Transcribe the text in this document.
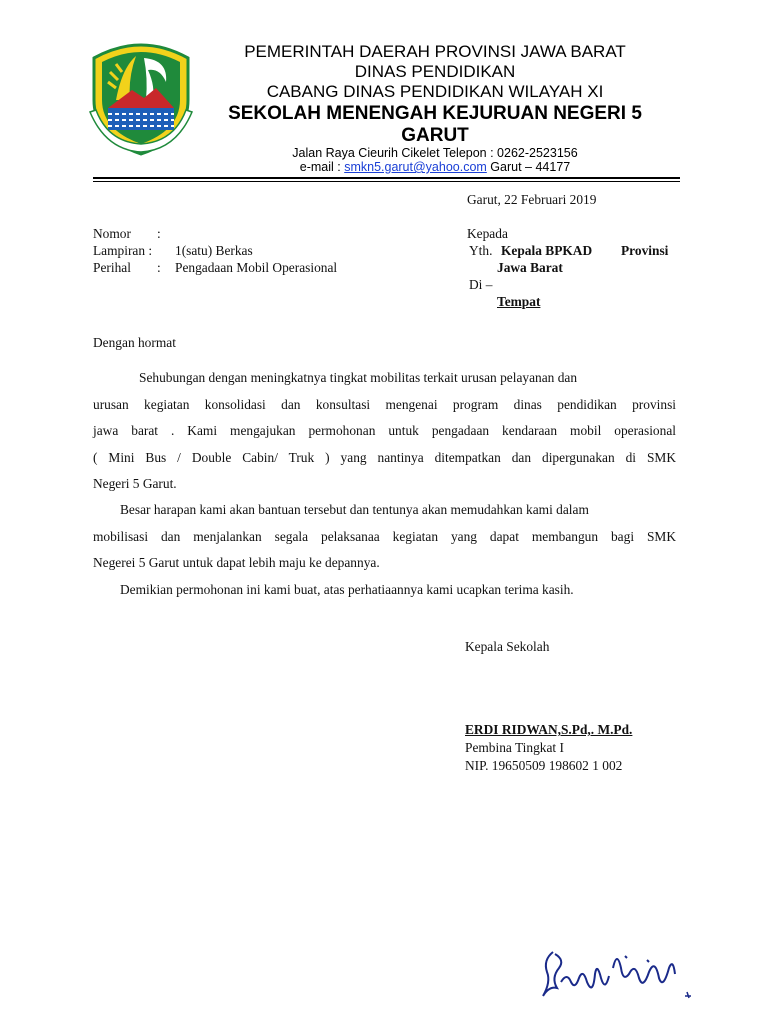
PEMERINTAH DAERAH PROVINSI JAWA BARAT
DINAS PENDIDIKAN
CABANG DINAS PENDIDIKAN WILAYAH XI
SEKOLAH MENENGAH KEJURUAN NEGERI 5
GARUT
Jalan Raya Cieurih Cikelet Telepon : 0262-2523156
e-mail : smkn5.garut@yahoo.com Garut – 44177
Garut, 22 Februari 2019
Nomor :
Lampiran : 1(satu) Berkas
Perihal : Pengadaan Mobil Operasional
Kepada
Yth. Kepala BPKAD Provinsi
Jawa Barat
Di –
Tempat
Dengan hormat
Sehubungan dengan meningkatnya tingkat mobilitas terkait urusan pelayanan dan
urusan kegiatan konsolidasi dan konsultasi mengenai program dinas pendidikan provinsi
jawa barat . Kami mengajukan permohonan untuk pengadaan kendaraan mobil operasional
( Mini Bus / Double Cabin/ Truk ) yang nantinya ditempatkan dan dipergunakan di SMK
Negeri 5 Garut.
Besar harapan kami akan bantuan tersebut dan tentunya akan memudahkan kami dalam
mobilisasi dan menjalankan segala pelaksanaa kegiatan yang dapat membangun bagi SMK
Negerei 5 Garut untuk dapat lebih maju ke depannya.
Demikian permohonan ini kami buat, atas perhatiaannya kami ucapkan terima kasih.
Kepala Sekolah
ERDI RIDWAN,S.Pd,. M.Pd.
Pembina Tingkat I
NIP. 19650509 198602 1 002
